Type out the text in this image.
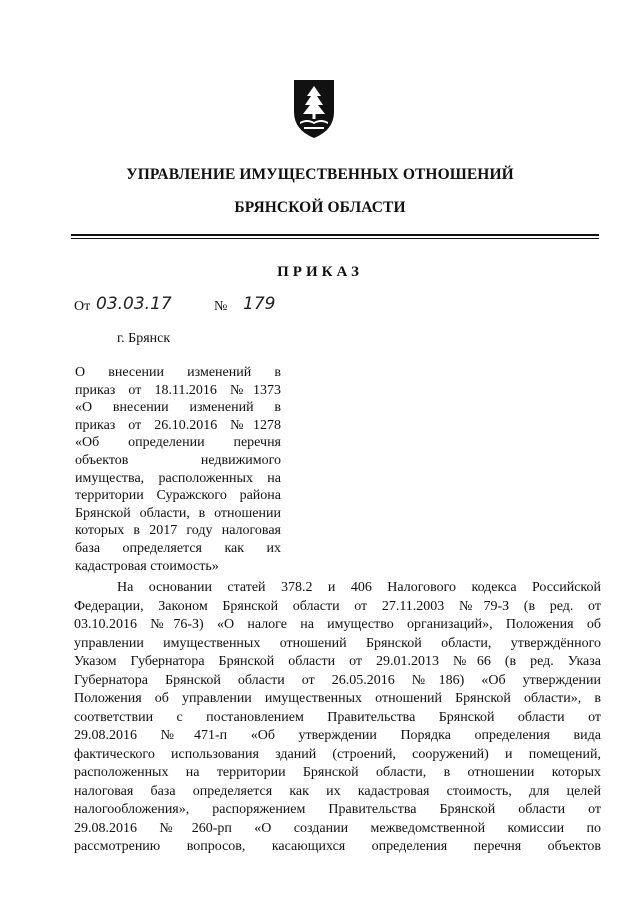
УПРАВЛЕНИЕ ИМУЩЕСТВЕННЫХ ОТНОШЕНИЙ
БРЯНСКОЙ ОБЛАСТИ
ПРИКАЗ
От 03.03.17	№ 179
г. Брянск
О внесении изменений в
приказ от 18.11.2016 №1373
«О внесении изменений в
приказ от 26.10.2016 №1278
«Об определении перечня
объектов недвижимого
имущества, расположенных на
территории Суражского района
Брянской области, в отношении
которых в 2017 году налоговая
база определяется как их
кадастровая стоимость»
На основании статей 378.2 и 406 Налогового кодекса Российской
Федерации, Законом Брянской области от 27.11.2003 №79-З (в ред. от
03.10.2016 №76-З) «О налоге на имущество организаций», Положения об
управлении имущественных отношений Брянской области, утверждённого
Указом Губернатора Брянской области от 29.01.2013 №66 (в ред. Указа
Губернатора Брянской области от 26.05.2016 №186) «Об утверждении
Положения об управлении имущественных отношений Брянской области», в
соответствии с постановлением Правительства Брянской области от
29.08.2016 №471-п «Об утверждении Порядка определения вида
фактического использования зданий (строений, сооружений) и помещений,
расположенных на территории Брянской области, в отношении которых
налоговая база определяется как их кадастровая стоимость, для целей
налогообложения», распоряжением Правительства Брянской области от
29.08.2016 №260-рп «О создании межведомственной комиссии по
рассмотрению вопросов, касающихся определения перечня объектов
